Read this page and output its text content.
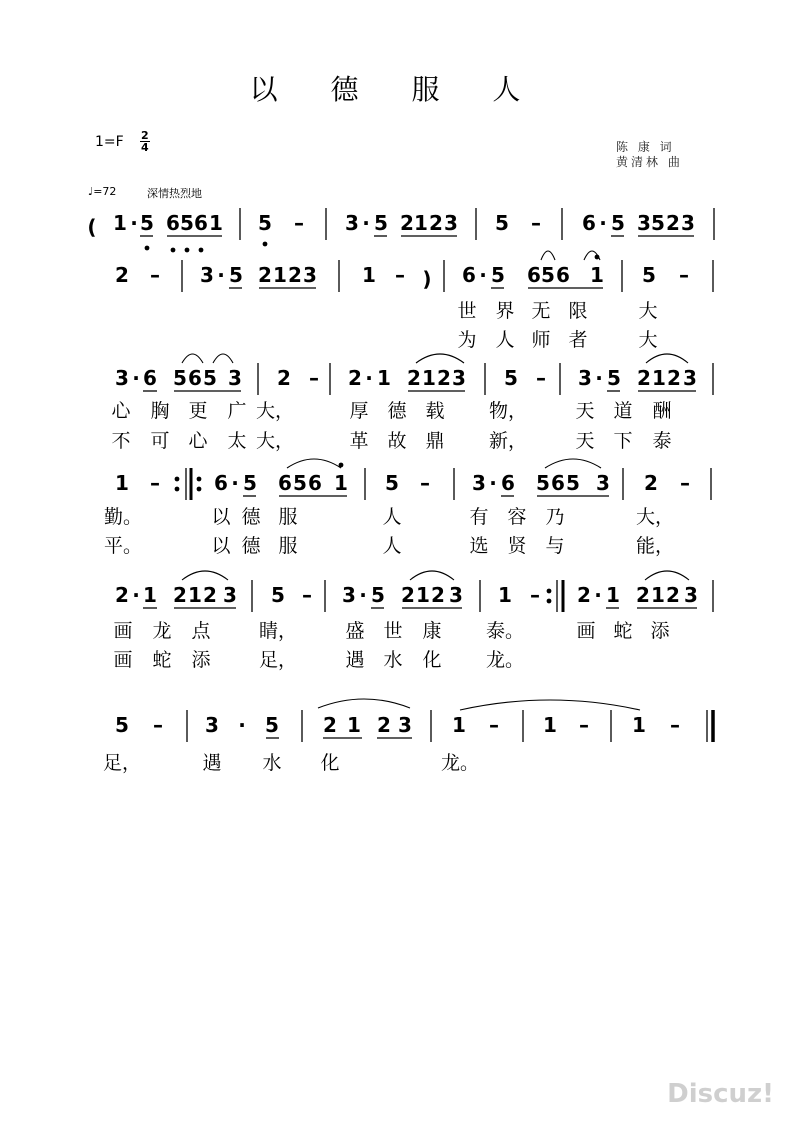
以 德 服 人
1=F 2
4	陈 康 词
黄清林 曲
♩=72	深情热烈地
( 1 · 5 6 5 6 1 5 – 3 · 5 2 1 2 3 5 – 6 · 5 3 5 2 3
2 – 3 · 5 2 1 2 3 1 – ) 6 · 5 6 5 6 1 5 –
世 界 无 限	大
为 人 师 者	大
3 · 6 5 6 5 3 2 – 2 · 1 2 1 2 3 5 – 3 · 5 2 1 2 3
心 胸 更 广 大，	厚 德 载 物，	天 道 酬
不 可 心 太 大，	革 故 鼎 新，	天 下 泰
1 –	6 · 5 6 5 6 1 5 – 3 · 6 5 6 5 3 2 –
勤。	以 德 服	人	有 容 乃	大，
平。	以 德 服	人	选 贤 与	能，
2 · 1 2 1 2 3 5 – 3 · 5 2 1 2 3 1 – 2 · 1 2 1 2 3
画 龙 点	睛，	盛 世 康 泰。	画 蛇 添
画 蛇 添	足，	遇 水 化 龙。
5 – 3 · 5 2 1 2 3 1 – 1 – 1 –
足，	遇 水 化	龙。
Discuz!
